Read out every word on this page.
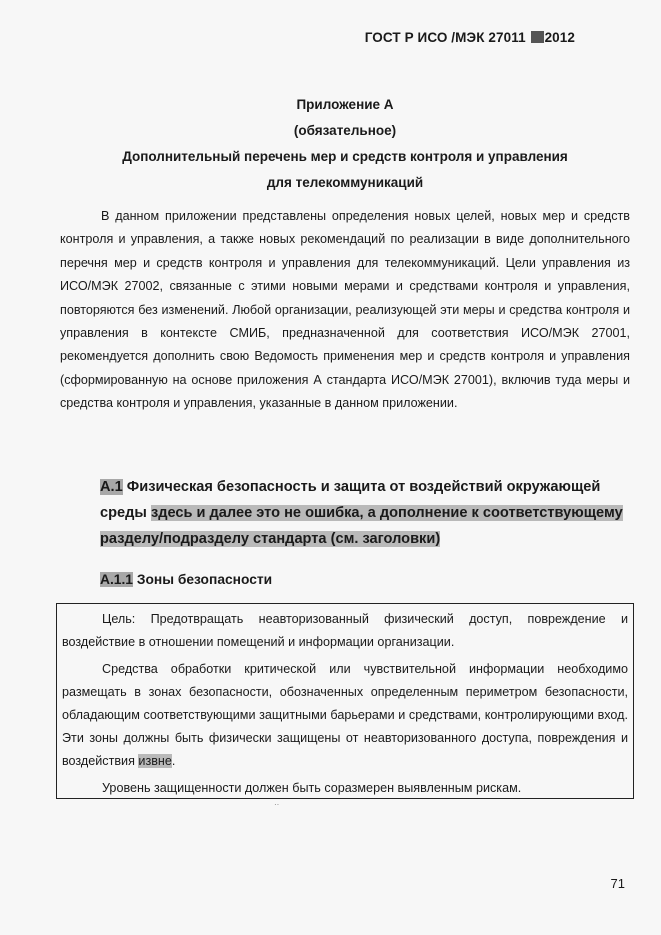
ГОСТ Р ИСО /МЭК 27011 2012
Приложение А
(обязательное)
Дополнительный перечень мер и средств контроля и управления
для телекоммуникаций

В данном приложении представлены определения новых целей, новых мер и средств контроля и управления, а также новых рекомендаций по реализации в виде дополнительного перечня мер и средств контроля и управления для телекоммуникаций. Цели управления из ИСО/МЭК 27002, связанные с этими новыми мерами и средствами контроля и управления, повторяются без изменений. Любой организации, реализующей эти меры и средства контроля и управления в контексте СМИБ, предназначенной для соответствия ИСО/МЭК 27001, рекомендуется дополнить свою Ведомость применения мер и средств контроля и управления (сформированную на основе приложения А стандарта ИСО/МЭК 27001), включив туда меры и средства контроля и управления, указанные в данном приложении.

А.1 Физическая безопасность и защита от воздействий окружающей среды здесь и далее это не ошибка, а дополнение к соответствующему разделу/подразделу стандарта (см. заголовки)
А.1.1 Зоны безопасности

Цель: Предотвращать неавторизованный физический доступ, повреждение и воздействие в отношении помещений и информации организации.

Средства обработки критической или чувствительной информации необходимо размещать в зонах безопасности, обозначенных определенным периметром безопасности, обладающим соответствующими защитными барьерами и средствами, контролирующими вход. Эти зоны должны быть физически защищены от неавторизованного доступа, повреждения и воздействия извне.

Уровень защищенности должен быть соразмерен выявленным рискам.

··
71
